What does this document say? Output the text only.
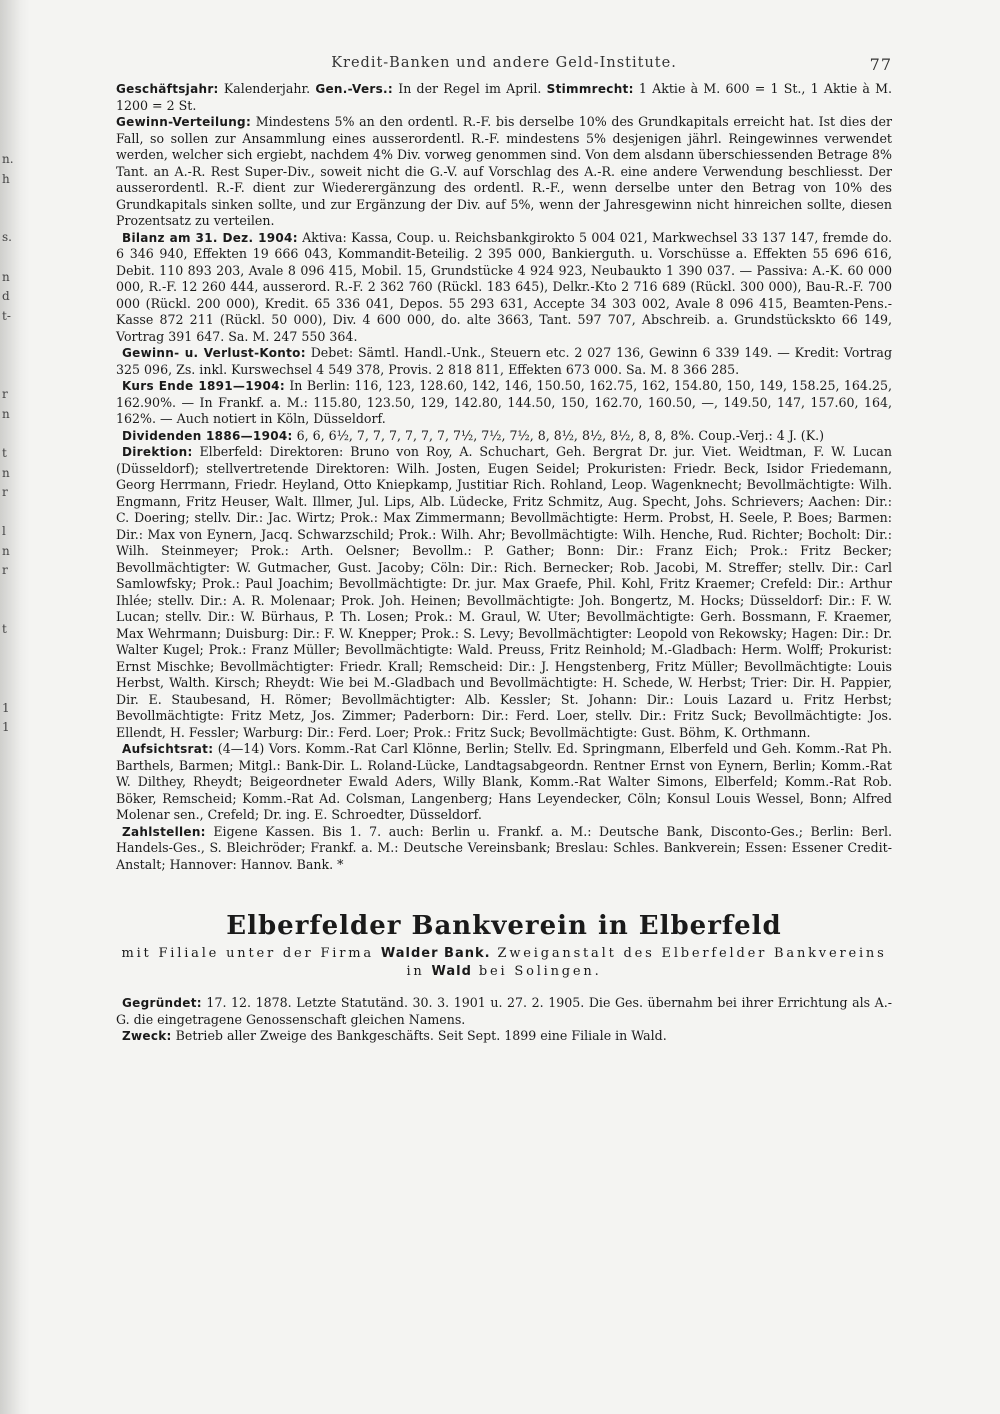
n.
h

s.

n
d
t-

r
n

t
n
r

l
n
r

t

1
1
Kredit-Banken und andere Geld-Institute.	77

Geschäftsjahr: Kalenderjahr. Gen.-Vers.: In der Regel im April. Stimmrecht: 1 Aktie à M. 600 = 1 St., 1 Aktie à M. 1200 = 2 St.

Gewinn-Verteilung: Mindestens 5% an den ordentl. R.-F. bis derselbe 10% des Grundkapitals erreicht hat. Ist dies der Fall, so sollen zur Ansammlung eines ausserordentl. R.-F. mindestens 5% desjenigen jährl. Reingewinnes verwendet werden, welcher sich ergiebt, nachdem 4% Div. vorweg genommen sind. Von dem alsdann überschiessenden Betrage 8% Tant. an A.-R. Rest Super-Div., soweit nicht die G.-V. auf Vorschlag des A.-R. eine andere Verwendung beschliesst. Der ausserordentl. R.-F. dient zur Wiederergänzung des ordentl. R.-F., wenn derselbe unter den Betrag von 10% des Grundkapitals sinken sollte, und zur Ergänzung der Div. auf 5%, wenn der Jahresgewinn nicht hinreichen sollte, diesen Prozentsatz zu verteilen.

Bilanz am 31. Dez. 1904: Aktiva: Kassa, Coup. u. Reichsbankgirokto 5 004 021, Markwechsel 33 137 147, fremde do. 6 346 940, Effekten 19 666 043, Kommandit-Beteilig. 2 395 000, Bankierguth. u. Vorschüsse a. Effekten 55 696 616, Debit. 110 893 203, Avale 8 096 415, Mobil. 15, Grundstücke 4 924 923, Neubaukto 1 390 037. — Passiva: A.-K. 60 000 000, R.-F. 12 260 444, ausserord. R.-F. 2 362 760 (Rückl. 183 645), Delkr.-Kto 2 716 689 (Rückl. 300 000), Bau-R.-F. 700 000 (Rückl. 200 000), Kredit. 65 336 041, Depos. 55 293 631, Accepte 34 303 002, Avale 8 096 415, Beamten-Pens.-Kasse 872 211 (Rückl. 50 000), Div. 4 600 000, do. alte 3663, Tant. 597 707, Abschreib. a. Grundstückskto 66 149, Vortrag 391 647. Sa. M. 247 550 364.

Gewinn- u. Verlust-Konto: Debet: Sämtl. Handl.-Unk., Steuern etc. 2 027 136, Gewinn 6 339 149. — Kredit: Vortrag 325 096, Zs. inkl. Kurswechsel 4 549 378, Provis. 2 818 811, Effekten 673 000. Sa. M. 8 366 285.

Kurs Ende 1891—1904: In Berlin: 116, 123, 128.60, 142, 146, 150.50, 162.75, 162, 154.80, 150, 149, 158.25, 164.25, 162.90%. — In Frankf. a. M.: 115.80, 123.50, 129, 142.80, 144.50, 150, 162.70, 160.50, —, 149.50, 147, 157.60, 164, 162%. — Auch notiert in Köln, Düsseldorf.

Dividenden 1886—1904: 6, 6, 6½, 7, 7, 7, 7, 7, 7, 7½, 7½, 7½, 8, 8½, 8½, 8½, 8, 8, 8%. Coup.-Verj.: 4 J. (K.)

Direktion: Elberfeld: Direktoren: Bruno von Roy, A. Schuchart, Geh. Bergrat Dr. jur. Viet. Weidtman, F. W. Lucan (Düsseldorf); stellvertretende Direktoren: Wilh. Josten, Eugen Seidel; Prokuristen: Friedr. Beck, Isidor Friedemann, Georg Herrmann, Friedr. Heyland, Otto Kniepkamp, Justitiar Rich. Rohland, Leop. Wagenknecht; Bevollmächtigte: Wilh. Engmann, Fritz Heuser, Walt. Illmer, Jul. Lips, Alb. Lüdecke, Fritz Schmitz, Aug. Specht, Johs. Schrievers; Aachen: Dir.: C. Doering; stellv. Dir.: Jac. Wirtz; Prok.: Max Zimmermann; Bevollmächtigte: Herm. Probst, H. Seele, P. Boes; Barmen: Dir.: Max von Eynern, Jacq. Schwarzschild; Prok.: Wilh. Ahr; Bevollmächtigte: Wilh. Henche, Rud. Richter; Bocholt: Dir.: Wilh. Steinmeyer; Prok.: Arth. Oelsner; Bevollm.: P. Gather; Bonn: Dir.: Franz Eich; Prok.: Fritz Becker; Bevollmächtigter: W. Gutmacher, Gust. Jacoby; Cöln: Dir.: Rich. Bernecker; Rob. Jacobi, M. Streffer; stellv. Dir.: Carl Samlowfsky; Prok.: Paul Joachim; Bevollmächtigte: Dr. jur. Max Graefe, Phil. Kohl, Fritz Kraemer; Crefeld: Dir.: Arthur Ihlée; stellv. Dir.: A. R. Molenaar; Prok. Joh. Heinen; Bevollmächtigte: Joh. Bongertz, M. Hocks; Düsseldorf: Dir.: F. W. Lucan; stellv. Dir.: W. Bürhaus, P. Th. Losen; Prok.: M. Graul, W. Uter; Bevollmächtigte: Gerh. Bossmann, F. Kraemer, Max Wehrmann; Duisburg: Dir.: F. W. Knepper; Prok.: S. Levy; Bevollmächtigter: Leopold von Rekowsky; Hagen: Dir.: Dr. Walter Kugel; Prok.: Franz Müller; Bevollmächtigte: Wald. Preuss, Fritz Reinhold; M.-Gladbach: Herm. Wolff; Prokurist: Ernst Mischke; Bevollmächtigter: Friedr. Krall; Remscheid: Dir.: J. Hengstenberg, Fritz Müller; Bevollmächtigte: Louis Herbst, Walth. Kirsch; Rheydt: Wie bei M.-Gladbach und Bevollmächtigte: H. Schede, W. Herbst; Trier: Dir. H. Pappier, Dir. E. Staubesand, H. Römer; Bevollmächtigter: Alb. Kessler; St. Johann: Dir.: Louis Lazard u. Fritz Herbst; Bevollmächtigte: Fritz Metz, Jos. Zimmer; Paderborn: Dir.: Ferd. Loer, stellv. Dir.: Fritz Suck; Bevollmächtigte: Jos. Ellendt, H. Fessler; Warburg: Dir.: Ferd. Loer; Prok.: Fritz Suck; Bevollmächtigte: Gust. Böhm, K. Orthmann.

Aufsichtsrat: (4—14) Vors. Komm.-Rat Carl Klönne, Berlin; Stellv. Ed. Springmann, Elberfeld und Geh. Komm.-Rat Ph. Barthels, Barmen; Mitgl.: Bank-Dir. L. Roland-Lücke, Landtagsabgeordn. Rentner Ernst von Eynern, Berlin; Komm.-Rat W. Dilthey, Rheydt; Beigeordneter Ewald Aders, Willy Blank, Komm.-Rat Walter Simons, Elberfeld; Komm.-Rat Rob. Böker, Remscheid; Komm.-Rat Ad. Colsman, Langenberg; Hans Leyendecker, Cöln; Konsul Louis Wessel, Bonn; Alfred Molenar sen., Crefeld; Dr. ing. E. Schroedter, Düsseldorf.

Zahlstellen: Eigene Kassen. Bis 1. 7. auch: Berlin u. Frankf. a. M.: Deutsche Bank, Disconto-Ges.; Berlin: Berl. Handels-Ges., S. Bleichröder; Frankf. a. M.: Deutsche Vereinsbank; Breslau: Schles. Bankverein; Essen: Essener Credit-Anstalt; Hannover: Hannov. Bank. *

Elberfelder Bankverein in Elberfeld
mit Filiale unter der Firma Walder Bank. Zweiganstalt des Elberfelder Bankvereins in Wald bei Solingen.

Gegründet: 17. 12. 1878. Letzte Statutänd. 30. 3. 1901 u. 27. 2. 1905. Die Ges. übernahm bei ihrer Errichtung als A.-G. die eingetragene Genossenschaft gleichen Namens.

Zweck: Betrieb aller Zweige des Bankgeschäfts. Seit Sept. 1899 eine Filiale in Wald.
